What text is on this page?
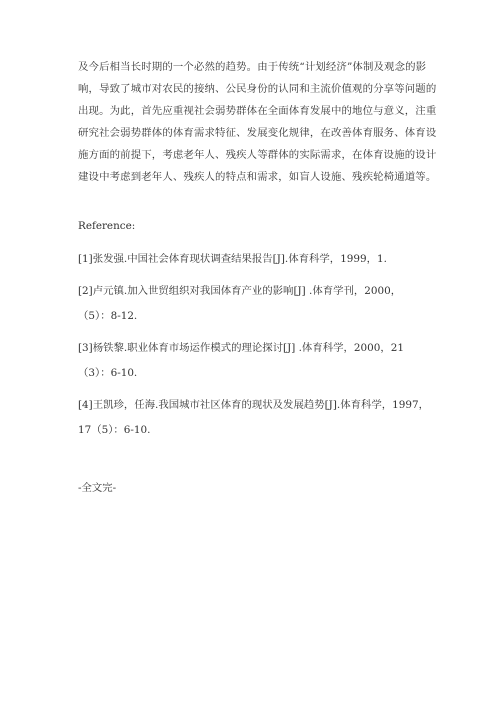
及今后相当长时期的一个必然的趋势。由于传统“计划经济”体制及观念的影
响，导致了城市对农民的接纳、公民身份的认同和主流价值观的分享等问题的
出现。为此，首先应重视社会弱势群体在全面体育发展中的地位与意义，注重
研究社会弱势群体的体育需求特征、发展变化规律，在改善体育服务、体育设
施方面的前提下，考虑老年人、残疾人等群体的实际需求，在体育设施的设计
建设中考虑到老年人、残疾人的特点和需求，如盲人设施、残疾轮椅通道等。

Reference:

[1]张发强.中国社会体育现状调查结果报告[J].体育科学，1999，1.
[2]卢元镇.加入世贸组织对我国体育产业的影响[J] .体育学刊，2000，
（5）：8-12.
[3]杨铁黎.职业体育市场运作模式的理论探讨[J] .体育科学，2000，21
（3）：6-10.
[4]王凯珍，任海.我国城市社区体育的现状及发展趋势[J].体育科学，1997，
17（5）：6-10.

-全文完-
